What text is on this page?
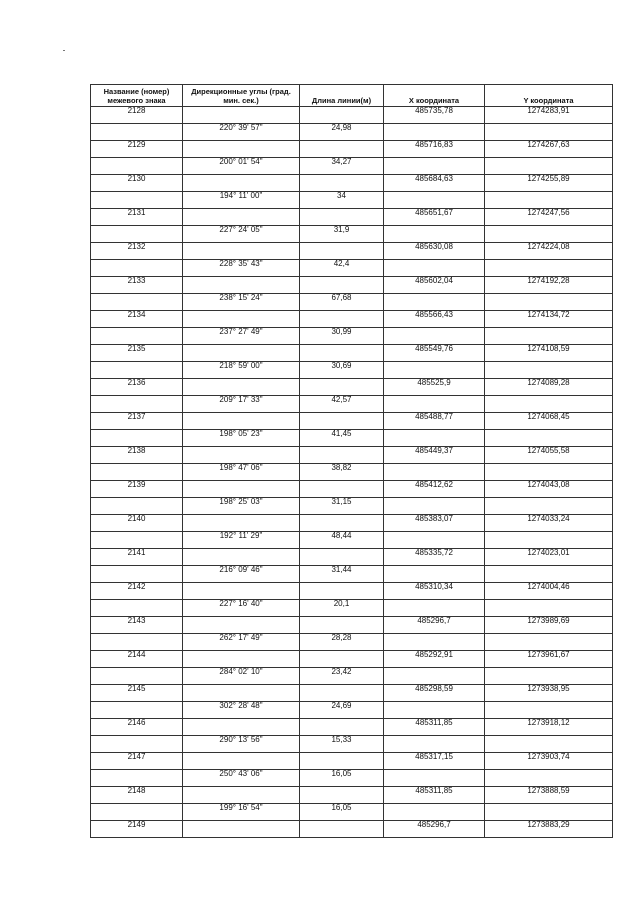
Название (номер) межевого знака	Дирекционные углы (град. мин. сек.)	Длина линии(м)	X координата	Y координата
2128			485735,78	1274283,91
	220° 39' 57"	24,98		
2129			485716,83	1274267,63
	200° 01' 54"	34,27		
2130			485684,63	1274255,89
	194° 11' 00"	34		
2131			485651,67	1274247,56
	227° 24' 05"	31,9		
2132			485630,08	1274224,08
	228° 35' 43"	42,4		
2133			485602,04	1274192,28
	238° 15' 24"	67,68		
2134			485566,43	1274134,72
	237° 27' 49"	30,99		
2135			485549,76	1274108,59
	218° 59' 00"	30,69		
2136			485525,9	1274089,28
	209° 17' 33"	42,57		
2137			485488,77	1274068,45
	198° 05' 23"	41,45		
2138			485449,37	1274055,58
	198° 47' 06"	38,82		
2139			485412,62	1274043,08
	198° 25' 03"	31,15		
2140			485383,07	1274033,24
	192° 11' 29"	48,44		
2141			485335,72	1274023,01
	216° 09' 46"	31,44		
2142			485310,34	1274004,46
	227° 16' 40"	20,1		
2143			485296,7	1273989,69
	262° 17' 49"	28,28		
2144			485292,91	1273961,67
	284° 02' 10"	23,42		
2145			485298,59	1273938,95
	302° 28' 48"	24,69		
2146			485311,85	1273918,12
	290° 13' 56"	15,33		
2147			485317,15	1273903,74
	250° 43' 06"	16,05		
2148			485311,85	1273888,59
	199° 16' 54"	16,05		
2149			485296,7	1273883,29
